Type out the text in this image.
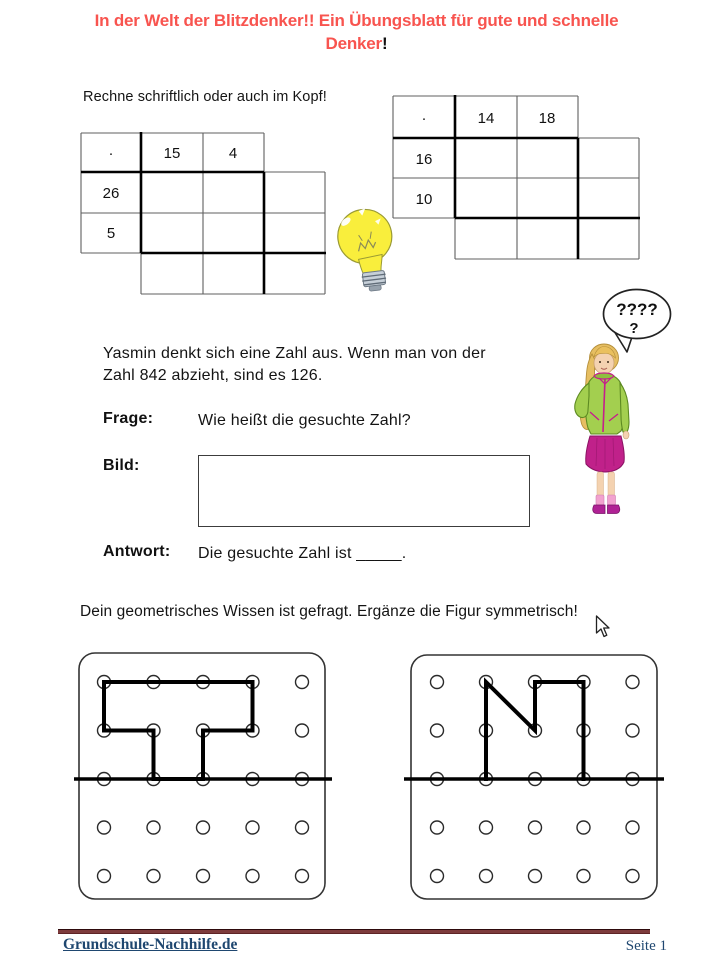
In der Welt der Blitzdenker!! Ein Übungsblatt für gute und schnelle
Denker!
Rechne schriftlich oder auch im Kopf!
·	15	4
26
5
·	14	18
16
10
????
?
Yasmin denkt sich eine Zahl aus. Wenn man von der
Zahl 842 abzieht, sind es 126.
Frage:	Wie heißt die gesuchte Zahl?
Bild:
Antwort: Die gesuchte Zahl ist _____.
Dein geometrisches Wissen ist gefragt. Ergänze die Figur symmetrisch!
Grundschule-Nachhilfe.de	Seite 1
